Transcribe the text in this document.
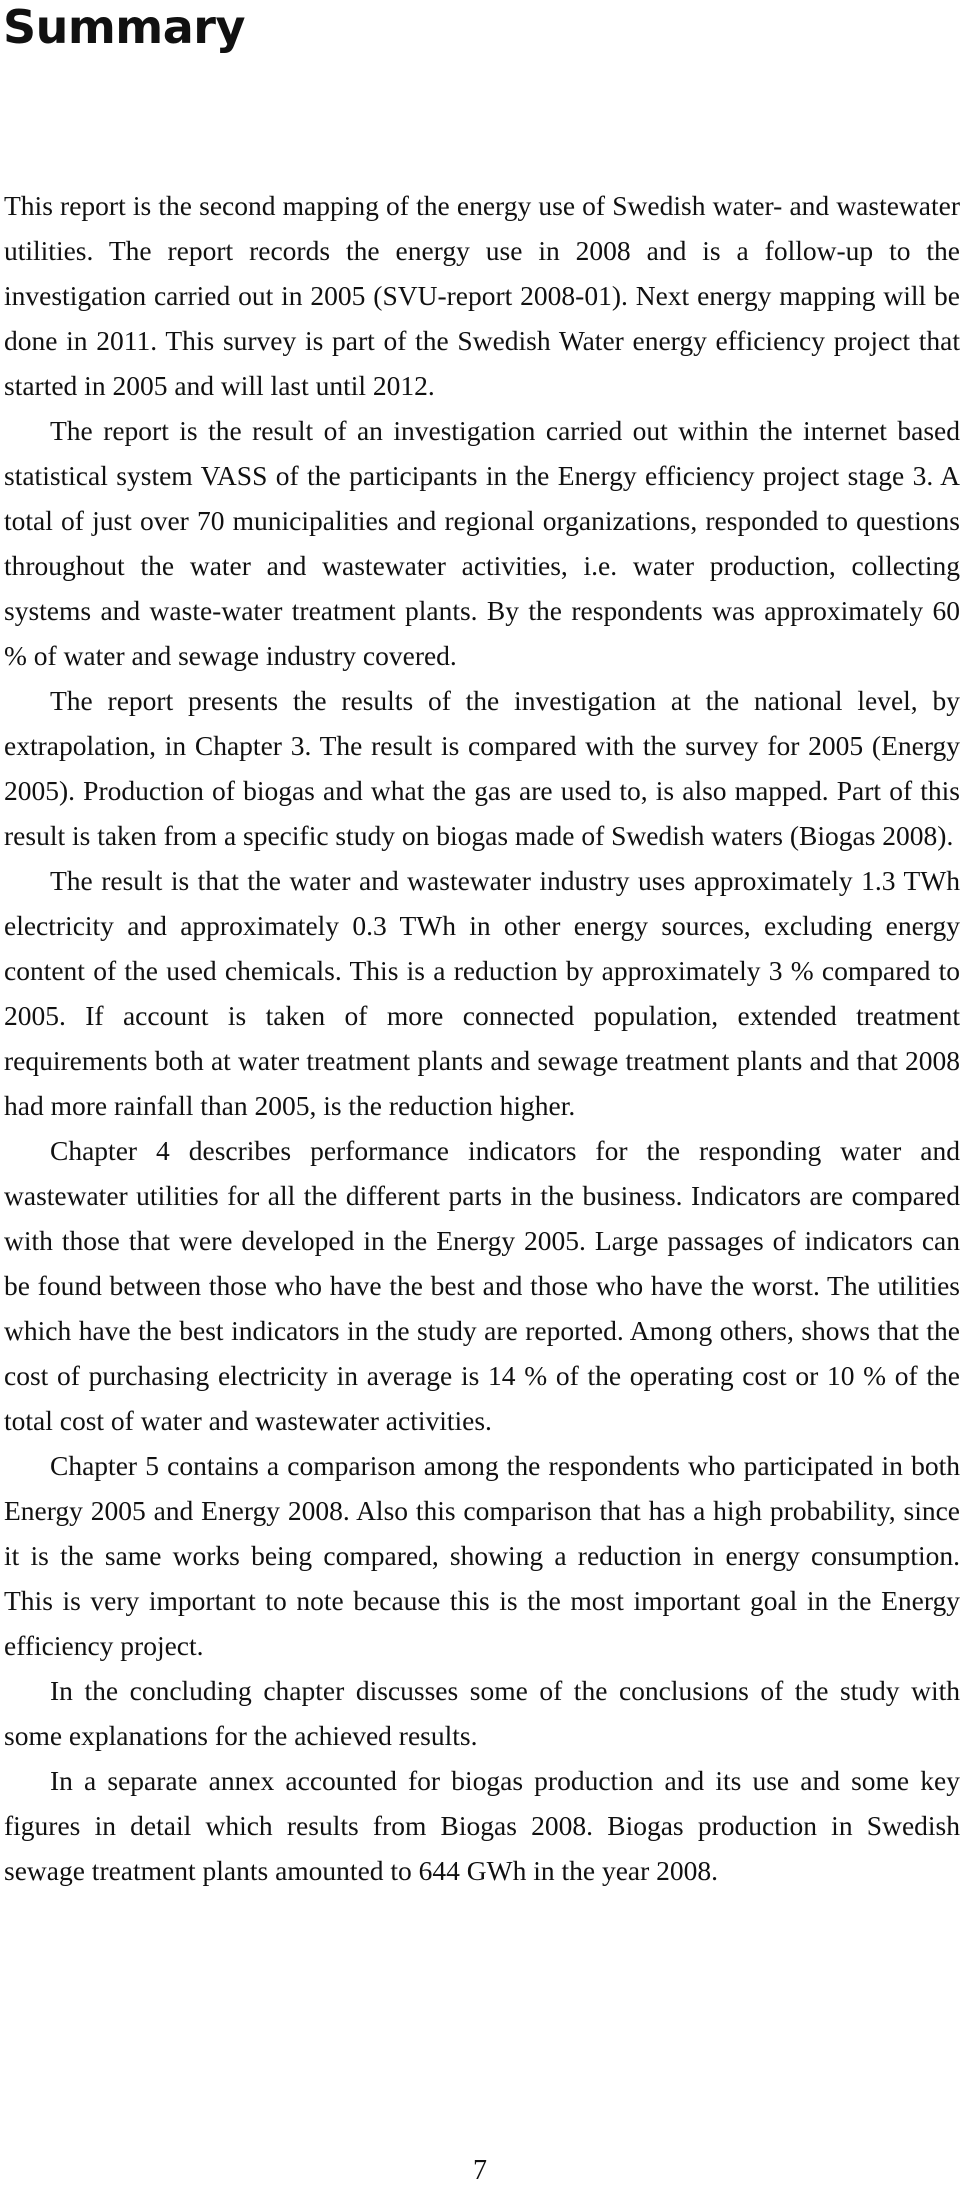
Summary

This report is the second mapping of the energy use of Swedish water- and wastewater utilities. The report records the energy use in 2008 and is a follow-up to the investigation carried out in 2005 (SVU-report 2008-01). Next energy mapping will be done in 2011. This survey is part of the Swedish Water energy efficiency project that started in 2005 and will last until 2012.

The report is the result of an investigation carried out within the internet based statistical system VASS of the participants in the Energy efficiency project stage 3. A total of just over 70 municipalities and regional organizations, responded to questions throughout the water and wastewater activities, i.e. water production, collecting systems and waste-water treatment plants. By the respondents was approximately 60 % of water and sewage industry covered.

The report presents the results of the investigation at the national level, by extrapolation, in Chapter 3. The result is compared with the survey for 2005 (Energy 2005). Production of biogas and what the gas are used to, is also mapped. Part of this result is taken from a specific study on biogas made of Swedish waters (Biogas 2008).

The result is that the water and wastewater industry uses approximately 1.3 TWh electricity and approximately 0.3 TWh in other energy sources, excluding energy content of the used chemicals. This is a reduction by approximately 3 % compared to 2005. If account is taken of more connected population, extended treatment requirements both at water treatment plants and sewage treatment plants and that 2008 had more rainfall than 2005, is the reduction higher.

Chapter 4 describes performance indicators for the responding water and wastewater utilities for all the different parts in the business. Indicators are compared with those that were developed in the Energy 2005. Large passages of indicators can be found between those who have the best and those who have the worst. The utilities which have the best indicators in the study are reported. Among others, shows that the cost of purchasing electricity in average is 14 % of the operating cost or 10 % of the total cost of water and wastewater activities.

Chapter 5 contains a comparison among the respondents who participated in both Energy 2005 and Energy 2008. Also this comparison that has a high probability, since it is the same works being compared, showing a reduction in energy consumption. This is very important to note because this is the most important goal in the Energy efficiency project.

In the concluding chapter discusses some of the conclusions of the study with some explanations for the achieved results.

In a separate annex accounted for biogas production and its use and some key figures in detail which results from Biogas 2008. Biogas production in Swedish sewage treatment plants amounted to 644 GWh in the year 2008.

7
